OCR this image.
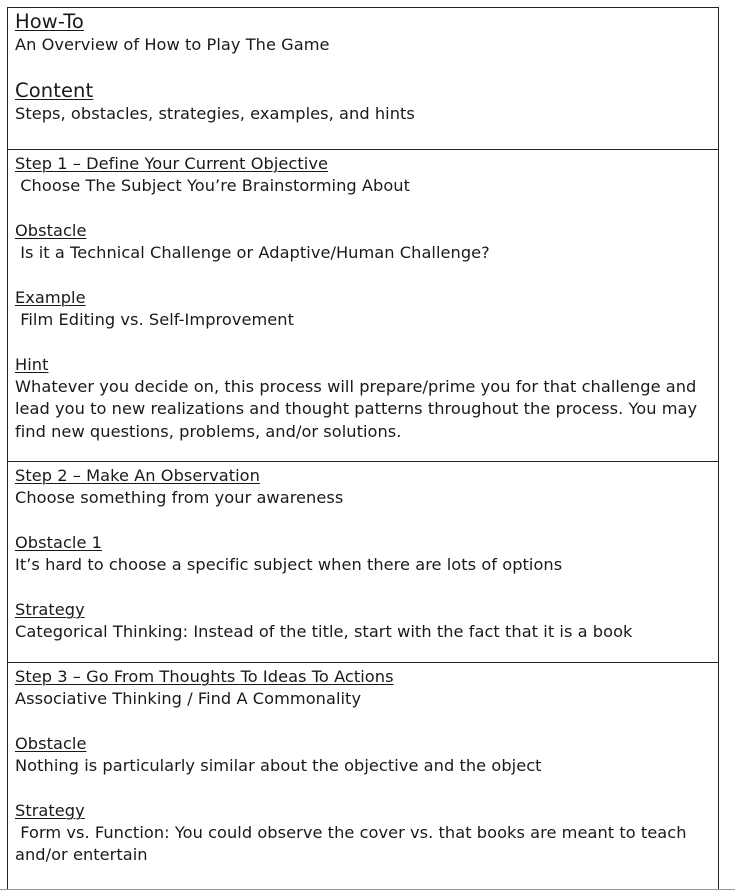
How-To
An Overview of How to Play The Game
Content
Steps, obstacles, strategies, examples, and hints
Step 1 – Define Your Current Objective
Choose The Subject You’re Brainstorming About
Obstacle
Is it a Technical Challenge or Adaptive/Human Challenge?
Example
Film Editing vs. Self-Improvement
Hint
Whatever you decide on, this process will prepare/prime you for that challenge and lead you to new realizations and thought patterns throughout the process. You may find new questions, problems, and/or solutions.
Step 2 – Make An Observation
Choose something from your awareness
Obstacle 1
It’s hard to choose a specific subject when there are lots of options
Strategy
Categorical Thinking: Instead of the title, start with the fact that it is a book
Step 3 – Go From Thoughts To Ideas To Actions
Associative Thinking / Find A Commonality
Obstacle
Nothing is particularly similar about the objective and the object
Strategy
Form vs. Function: You could observe the cover vs. that books are meant to teach and/or entertain
